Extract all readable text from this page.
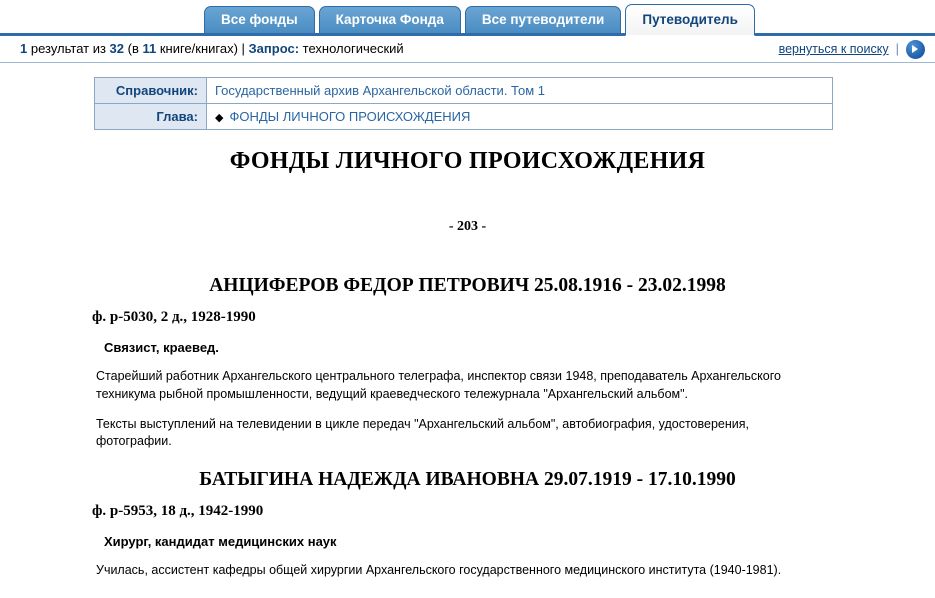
Все фонды	Карточка Фонда	Все путеводители	Путеводитель
1 результат из 32 (в 11 книге/книгах) | Запрос: технологический	вернуться к поиску |
Справочник:	Государственный архив Архангельской области. Том 1
Глава:	◆ ФОНДЫ ЛИЧНОГО ПРОИСХОЖДЕНИЯ
ФОНДЫ ЛИЧНОГО ПРОИСХОЖДЕНИЯ
- 203 -
АНЦИФЕРОВ ФЕДОР ПЕТРОВИЧ 25.08.1916 - 23.02.1998
ф. р-5030, 2 д., 1928-1990
Связист, краевед.
Старейший работник Архангельского центрального телеграфа, инспектор связи 1948, преподаватель Архангельского техникума рыбной промышленности, ведущий краеведческого тележурнала "Архангельский альбом".
Тексты выступлений на телевидении в цикле передач "Архангельский альбом", автобиография, удостоверения, фотографии.
БАТЫГИНА НАДЕЖДА ИВАНОВНА 29.07.1919 - 17.10.1990
ф. р-5953, 18 д., 1942-1990
Хирург, кандидат медицинских наук
Училась, ассистент кафедры общей хирургии Архангельского государственного медицинского института (1940-1981).
